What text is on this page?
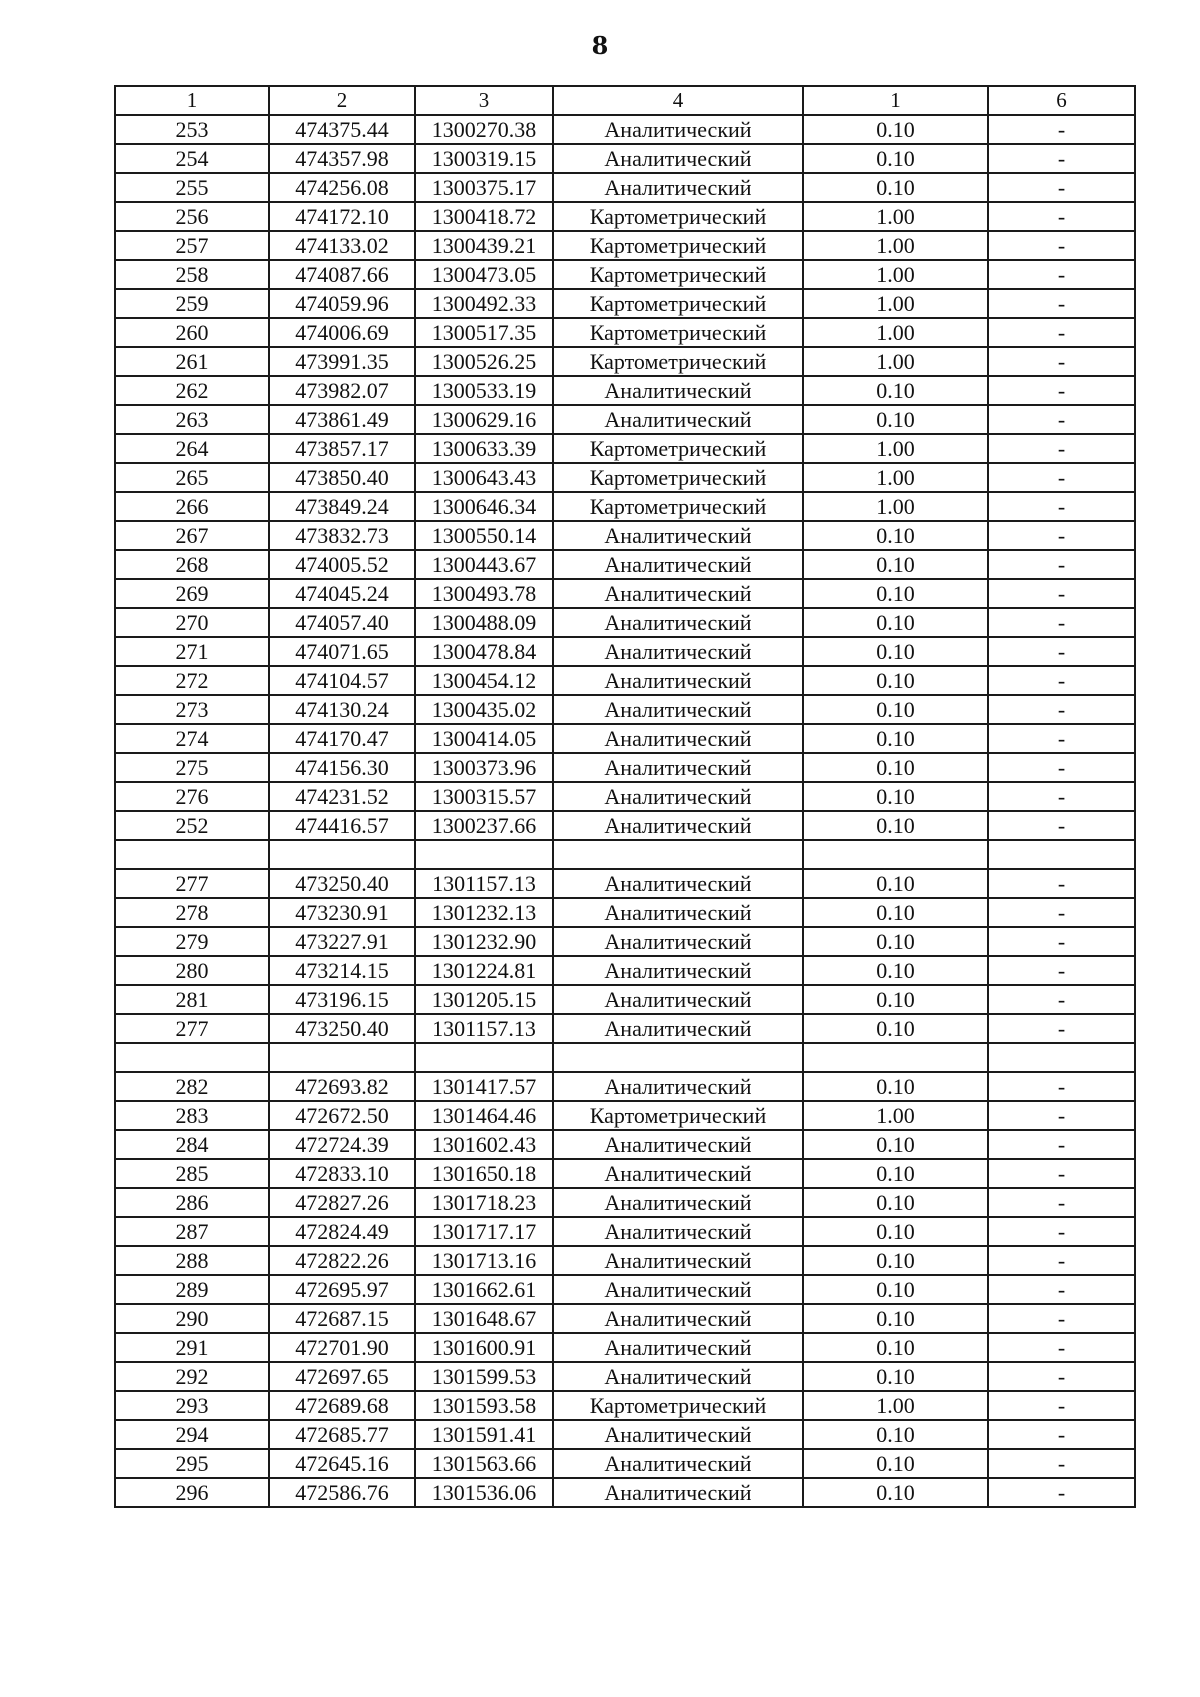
8
1	2	3	4	1	6
253	474375.44	1300270.38	Аналитический	0.10	-
254	474357.98	1300319.15	Аналитический	0.10	-
255	474256.08	1300375.17	Аналитический	0.10	-
256	474172.10	1300418.72	Картометрический	1.00	-
257	474133.02	1300439.21	Картометрический	1.00	-
258	474087.66	1300473.05	Картометрический	1.00	-
259	474059.96	1300492.33	Картометрический	1.00	-
260	474006.69	1300517.35	Картометрический	1.00	-
261	473991.35	1300526.25	Картометрический	1.00	-
262	473982.07	1300533.19	Аналитический	0.10	-
263	473861.49	1300629.16	Аналитический	0.10	-
264	473857.17	1300633.39	Картометрический	1.00	-
265	473850.40	1300643.43	Картометрический	1.00	-
266	473849.24	1300646.34	Картометрический	1.00	-
267	473832.73	1300550.14	Аналитический	0.10	-
268	474005.52	1300443.67	Аналитический	0.10	-
269	474045.24	1300493.78	Аналитический	0.10	-
270	474057.40	1300488.09	Аналитический	0.10	-
271	474071.65	1300478.84	Аналитический	0.10	-
272	474104.57	1300454.12	Аналитический	0.10	-
273	474130.24	1300435.02	Аналитический	0.10	-
274	474170.47	1300414.05	Аналитический	0.10	-
275	474156.30	1300373.96	Аналитический	0.10	-
276	474231.52	1300315.57	Аналитический	0.10	-
252	474416.57	1300237.66	Аналитический	0.10	-

277	473250.40	1301157.13	Аналитический	0.10	-
278	473230.91	1301232.13	Аналитический	0.10	-
279	473227.91	1301232.90	Аналитический	0.10	-
280	473214.15	1301224.81	Аналитический	0.10	-
281	473196.15	1301205.15	Аналитический	0.10	-
277	473250.40	1301157.13	Аналитический	0.10	-

282	472693.82	1301417.57	Аналитический	0.10	-
283	472672.50	1301464.46	Картометрический	1.00	-
284	472724.39	1301602.43	Аналитический	0.10	-
285	472833.10	1301650.18	Аналитический	0.10	-
286	472827.26	1301718.23	Аналитический	0.10	-
287	472824.49	1301717.17	Аналитический	0.10	-
288	472822.26	1301713.16	Аналитический	0.10	-
289	472695.97	1301662.61	Аналитический	0.10	-
290	472687.15	1301648.67	Аналитический	0.10	-
291	472701.90	1301600.91	Аналитический	0.10	-
292	472697.65	1301599.53	Аналитический	0.10	-
293	472689.68	1301593.58	Картометрический	1.00	-
294	472685.77	1301591.41	Аналитический	0.10	-
295	472645.16	1301563.66	Аналитический	0.10	-
296	472586.76	1301536.06	Аналитический	0.10	-
